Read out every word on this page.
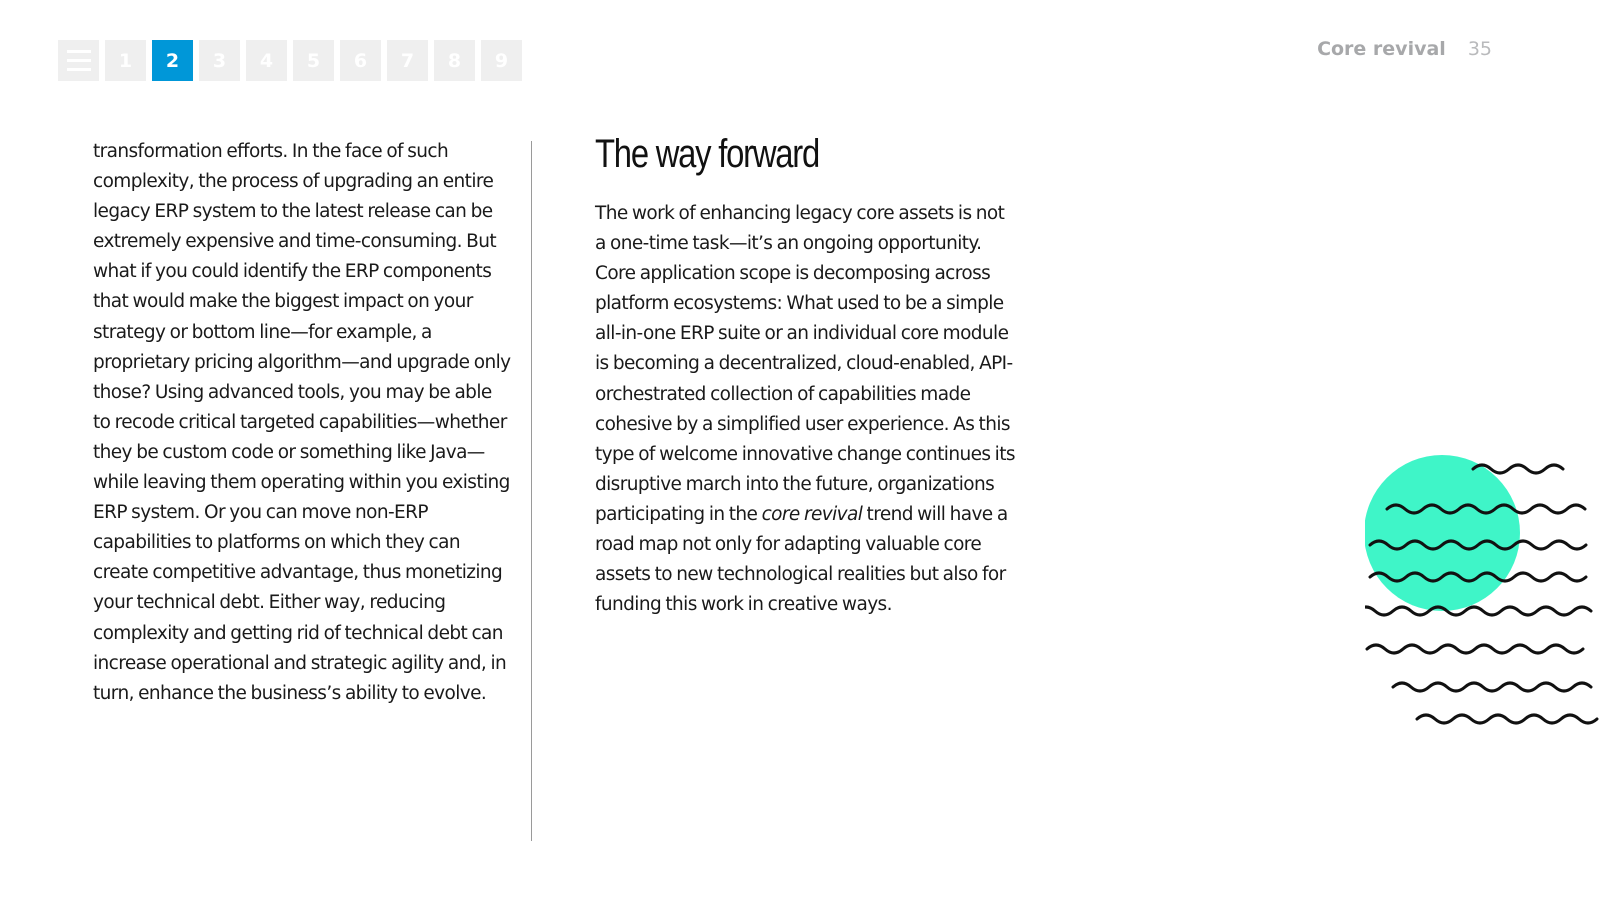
1	2	3	4	5	6	7	8	9
Core revival 35

transformation efforts. In the face of such complexity, the process of upgrading an entire legacy ERP system to the latest release can be extremely expensive and time-consuming. But what if you could identify the ERP components that would make the biggest impact on your strategy or bottom line—for example, a proprietary pricing algorithm—and upgrade only those? Using advanced tools, you may be able to recode critical targeted capabilities—whether they be custom code or something like Java—while leaving them operating within you existing ERP system. Or you can move non-ERP capabilities to platforms on which they can create competitive advantage, thus monetizing your technical debt. Either way, reducing complexity and getting rid of technical debt can increase operational and strategic agility and, in turn, enhance the business’s ability to evolve.

The way forward

The work of enhancing legacy core assets is not a one-time task—it’s an ongoing opportunity. Core application scope is decomposing across platform ecosystems: What used to be a simple all-in-one ERP suite or an individual core module is becoming a decentralized, cloud-enabled, API-orchestrated collection of capabilities made cohesive by a simplified user experience. As this type of welcome innovative change continues its disruptive march into the future, organizations participating in the core revival trend will have a road map not only for adapting valuable core assets to new technological realities but also for funding this work in creative ways.
